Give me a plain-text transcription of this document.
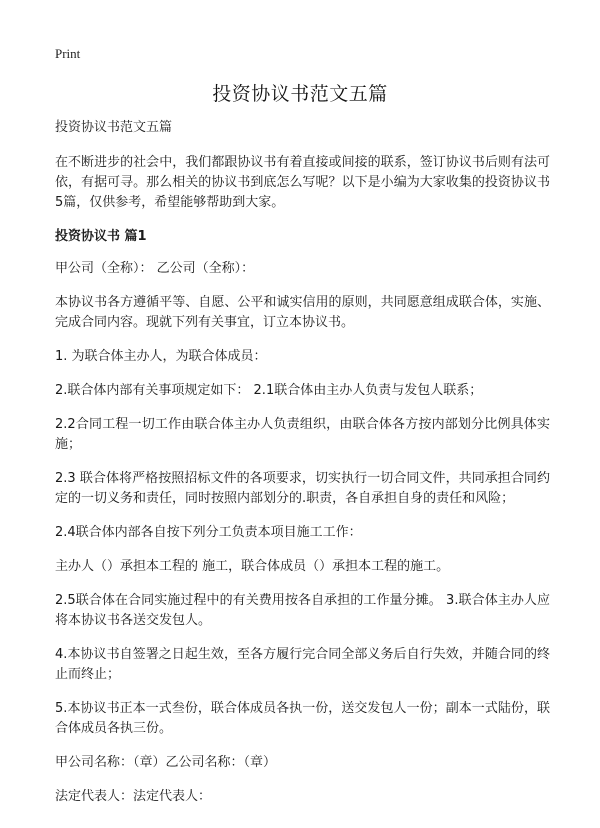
Print
投资协议书范文五篇

投资协议书范文五篇

在不断进步的社会中，我们都跟协议书有着直接或间接的联系，签订协议书后则有法可依，有据可寻。那么相关的协议书到底怎么写呢？以下是小编为大家收集的投资协议书5篇，仅供参考，希望能够帮助到大家。

投资协议书 篇1

甲公司（全称）： 乙公司（全称）：

本协议书各方遵循平等、自愿、公平和诚实信用的原则，共同愿意组成联合体，实施、完成合同内容。现就下列有关事宜，订立本协议书。

1. 为联合体主办人，为联合体成员：

2.联合体内部有关事项规定如下： 2.1联合体由主办人负责与发包人联系；

2.2合同工程一切工作由联合体主办人负责组织，由联合体各方按内部划分比例具体实施；

2.3 联合体将严格按照招标文件的各项要求，切实执行一切合同文件，共同承担合同约定的一切义务和责任，同时按照内部划分的.职责，各自承担自身的责任和风险；

2.4联合体内部各自按下列分工负责本项目施工工作：

主办人（）承担本工程的 施工，联合体成员（）承担本工程的施工。

2.5联合体在合同实施过程中的有关费用按各自承担的工作量分摊。 3.联合体主办人应将本协议书各送交发包人。

4.本协议书自签署之日起生效，至各方履行完合同全部义务后自行失效，并随合同的终止而终止；

5.本协议书正本一式叁份，联合体成员各执一份，送交发包人一份；副本一式陆份，联合体成员各执三份。

甲公司名称：（章）乙公司名称：（章）

法定代表人：法定代表人：
